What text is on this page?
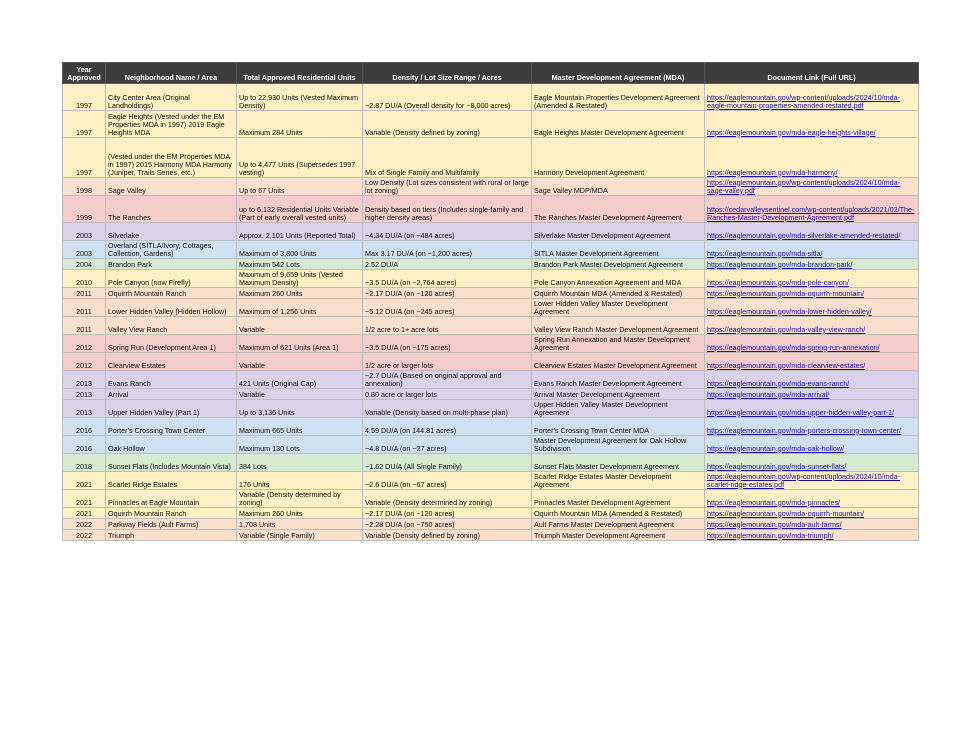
Year Approved	Neighborhood Name / Area	Total Approved Residential Units	Density / Lot Size Range / Acres	Master Development Agreement (MDA)	Document Link (Full URL)
1997	City Center Area (Original Landholdings)	Up to 22,930 Units (Vested Maximum Density)	~2.87 DU/A (Overall density for ~8,000 acres)	Eagle Mountain Properties Development Agreement (Amended & Restated)	https://eaglemountain.gov/wp-content/uploads/2024/10/mda-eagle-mountain-properties-amended-restated.pdf
1997	Eagle Heights (Vested under the EM Properties MDA in 1997) 2019 Eagle Heights MDA	Maximum 284 Units	Variable (Density defined by zoning)	Eagle Heights Master Development Agreement	https://eaglemountain.gov/mda-eagle-heights-village/
1997	(Vested under the EM Properties MDA in 1997) 2015 Harmony MDA Harmony (Juniper, Trails Series, etc.)	Up to 4,477 Units (Supersedes 1997 vesting)	Mix of Single Family and Multifamily	Harmony Development Agreement	https://eaglemountain.gov/mda-harmony/
1998	Sage Valley	Up to 67 Units	Low Density (Lot sizes consistent with rural or large lot zoning)	Sage Valley MDP/MDA	https://eaglemountain.gov/wp-content/uploads/2024/10/mda-sage-valley.pdf
1999	The Ranches	up to 6,132 Residential Units Variable (Part of early overall vested units)	Density based on tiers (Includes single-family and higher density areas)	The Ranches Master Development Agreement	https://cedarvalleysentinel.com/wp-content/uploads/2021/02/The-Ranches-Master-Development-Agreement.pdf
2003	Silverlake	Approx. 2,101 Units (Reported Total)	~4.34 DU/A (on ~484 acres)	Silverlake Master Development Agreement	https://eaglemountain.gov/mda-silverlake-amended-restated/
2003	Overland (SITLA/Ivory, Cottages, Collection, Gardens)	Maximum of 3,800 Units	Max 3.17 DU/A (on ~1,200 acres)	SITLA Master Development Agreement	https://eaglemountain.gov/mda-sitla/
2004	Brandon Park	Maximum 542 Lots	2.52 DU/A	Brandon Park Master Development Agreement	https://eaglemountain.gov/mda-brandon-park/
2010	Pole Canyon (now Firefly)	Maximum of 9,659 Units (Vested Maximum Density)	~3.5 DU/A (on ~2,764 acres)	Pole Canyon Annexation Agreement and MDA	https://eaglemountain.gov/mda-pole-canyon/
2011	Oquirrh Mountain Ranch	Maximum 260 Units	~2.17 DU/A (on ~120 acres)	Oquirrh Mountain MDA (Amended & Restated)	https://eaglemountain.gov/mda-oquirrh-mountain/
2011	Lower Hidden Valley (Hidden Hollow)	Maximum of 1,256 Units	~5.12 DU/A (on ~245 acres)	Lower Hidden Valley Master Development Agreement	https://eaglemountain.gov/mda-lower-hidden-valley/
2011	Valley View Ranch	Variable	1/2 acre to 1+ acre lots	Valley View Ranch Master Development Agreement	https://eaglemountain.gov/mda-valley-view-ranch/
2012	Spring Run (Development Area 1)	Maximum of 621 Units (Area 1)	~3.5 DU/A (on ~175 acres)	Spring Run Annexation and Master Development Agreement	https://eaglemountain.gov/mda-spring-run-annexation/
2012	Clearview Estates	Variable	1/2 acre or larger lots	Clearview Estates Master Development Agreement	https://eaglemountain.gov/mda-clearview-estates/
2013	Evans Ranch	421 Units (Original Cap)	~2.7 DU/A (Based on original approval and annexation)	Evans Ranch Master Development Agreement	https://eaglemountain.gov/mda-evans-ranch/
2013	Arrival	Variable	0.80 acre or larger lots	Arrival Master Development Agreement	https://eaglemountain.gov/mda-arrival/
2013	Upper Hidden Valley (Part 1)	Up to 3,136 Units	Variable (Density based on multi-phase plan)	Upper Hidden Valley Master Development Agreement	https://eaglemountain.gov/mda-upper-hidden-valley-part-1/
2016	Porter's Crossing Town Center	Maximum 665 Units	4.59 DU/A (on 144.81 acres)	Porter's Crossing Town Center MDA	https://eaglemountain.gov/mda-porters-crossing-town-center/
2016	Oak Hollow	Maximum 130 Lots	~4.8 DU/A (on ~27 acres)	Master Development Agreement for Oak Hollow Subdivision	https://eaglemountain.gov/mda-oak-hollow/
2018	Sunset Flats (Includes Mountain Vista)	384 Lots	~1.62 DU/A (All Single Family)	Sunset Flats Master Development Agreement	https://eaglemountain.gov/mda-sunset-flats/
2021	Scarlet Ridge Estates	176 Units	~2.6 DU/A (on ~67 acres)	Scarlet Ridge Estates Master Development Agreement	https://eaglemountain.gov/wp-content/uploads/2024/10/mda-scarlet-ridge-estates.pdf
2021	Pinnacles at Eagle Mountain	Variable (Density determined by zoning)	Variable (Density determined by zoning)	Pinnacles Master Development Agreement	https://eaglemountain.gov/mda-pinnacles/
2021	Oquirrh Mountain Ranch	Maximum 260 Units	~2.17 DU/A (on ~120 acres)	Oquirrh Mountain MDA (Amended & Restated)	https://eaglemountain.gov/mda-oquirrh-mountain/
2022	Parkway Fields (Ault Farms)	1,708 Units	~2.28 DU/A (on ~750 acres)	Ault Farms Master Development Agreement	https://eaglemountain.gov/mda-ault-farms/
2022	Triumph	Variable (Single Family)	Variable (Density defined by zoning)	Triumph Master Development Agreement	https://eaglemountain.gov/mda-triumph/
